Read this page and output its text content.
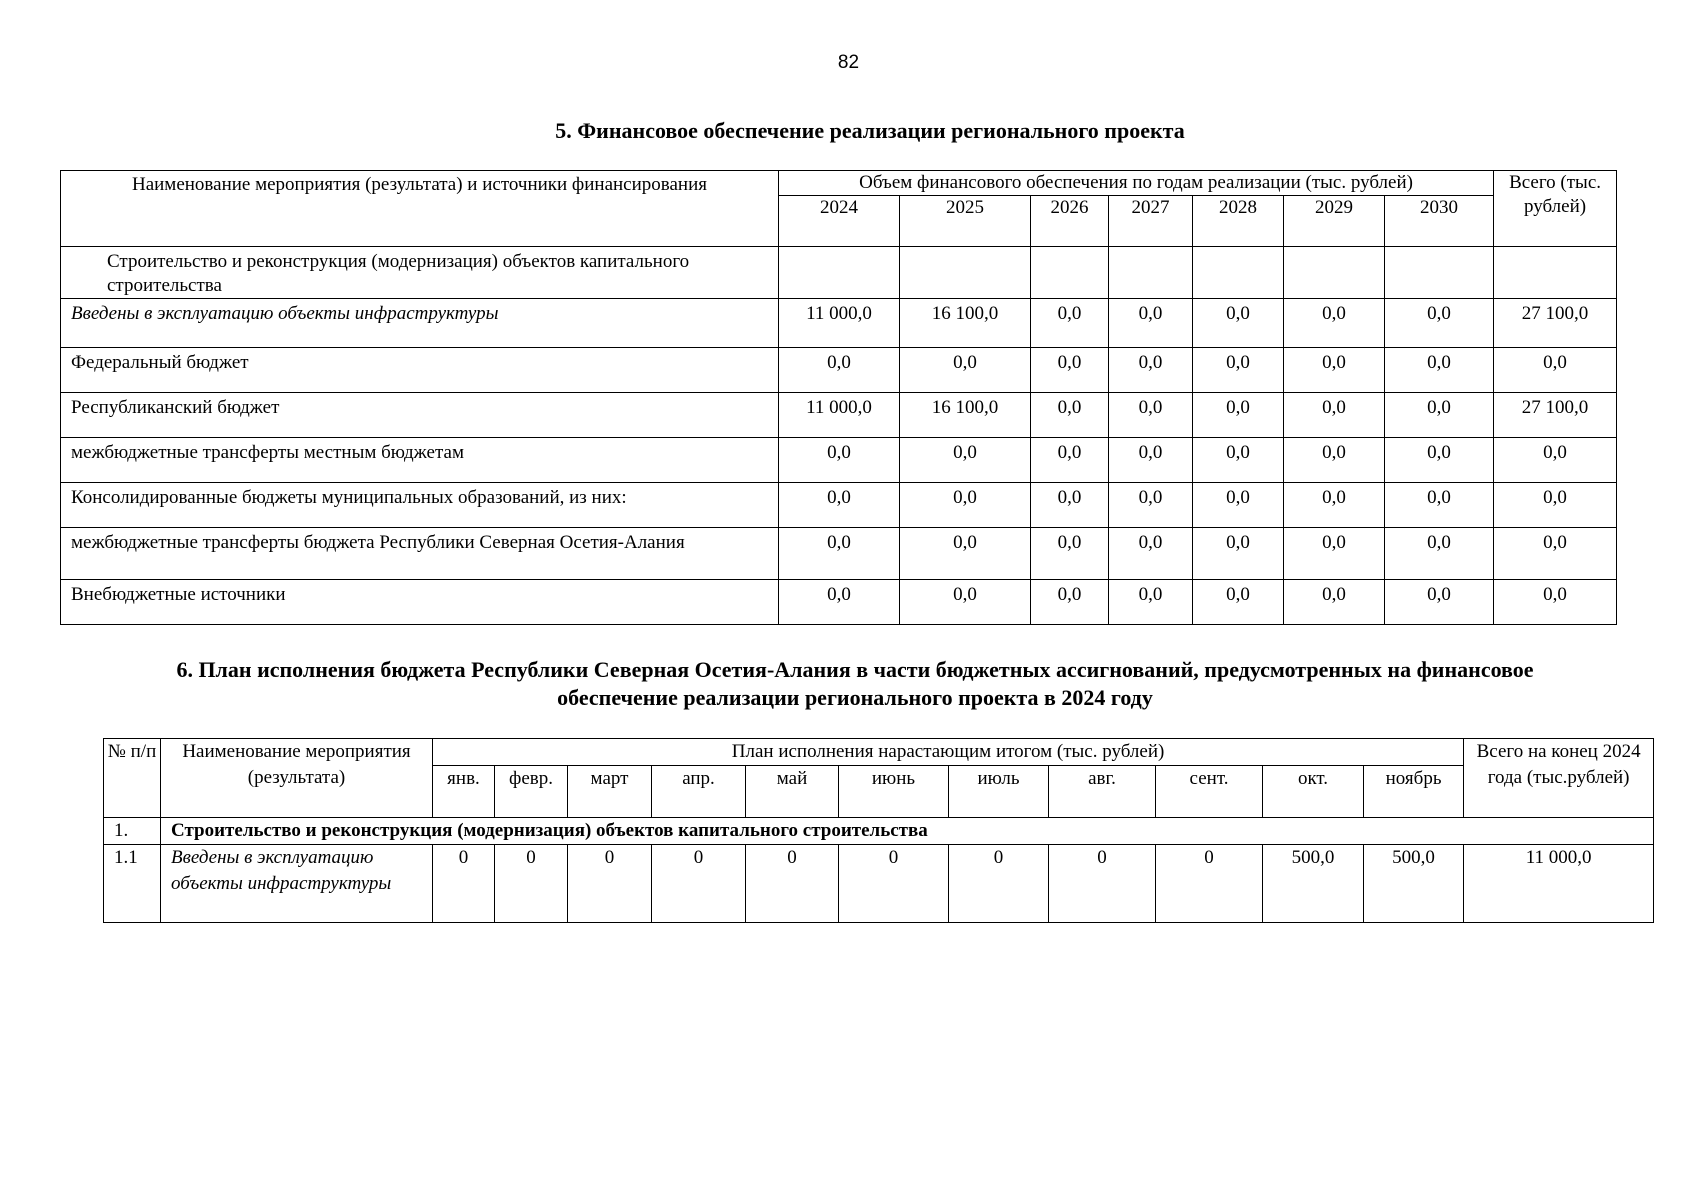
82
5. Финансовое обеспечение реализации регионального проекта
Наименование мероприятия (результата) и источники финансирования	Объем финансового обеспечения по годам реализации (тыс. рублей)							Всего (тыс. рублей)
	2024	2025	2026	2027	2028	2029	2030	
Строительство и реконструкция (модернизация) объектов капитального строительства								
Введены в эксплуатацию объекты инфраструктуры	11 000,0	16 100,0	0,0	0,0	0,0	0,0	0,0	27 100,0
Федеральный бюджет	0,0	0,0	0,0	0,0	0,0	0,0	0,0	0,0
Республиканский бюджет	11 000,0	16 100,0	0,0	0,0	0,0	0,0	0,0	27 100,0
межбюджетные трансферты местным бюджетам	0,0	0,0	0,0	0,0	0,0	0,0	0,0	0,0
Консолидированные бюджеты муниципальных образований, из них:	0,0	0,0	0,0	0,0	0,0	0,0	0,0	0,0
межбюджетные трансферты бюджета Республики Северная Осетия-Алания	0,0	0,0	0,0	0,0	0,0	0,0	0,0	0,0
Внебюджетные источники	0,0	0,0	0,0	0,0	0,0	0,0	0,0	0,0
6. План исполнения бюджета Республики Северная Осетия-Алания в части бюджетных ассигнований, предусмотренных на финансовое обеспечение реализации регионального проекта в 2024 году
№ п/п	Наименование мероприятия (результата)	План исполнения нарастающим итогом (тыс. рублей)											Всего на конец 2024 года (тыс.рублей)
		янв.	февр.	март	апр.	май	июнь	июль	авг.	сент.	окт.	ноябрь	
1.	Строительство и реконструкция (модернизация) объектов капитального строительства												
1.1	Введены в эксплуатацию объекты инфраструктуры	0	0	0	0	0	0	0	0	0	500,0	500,0	11 000,0
